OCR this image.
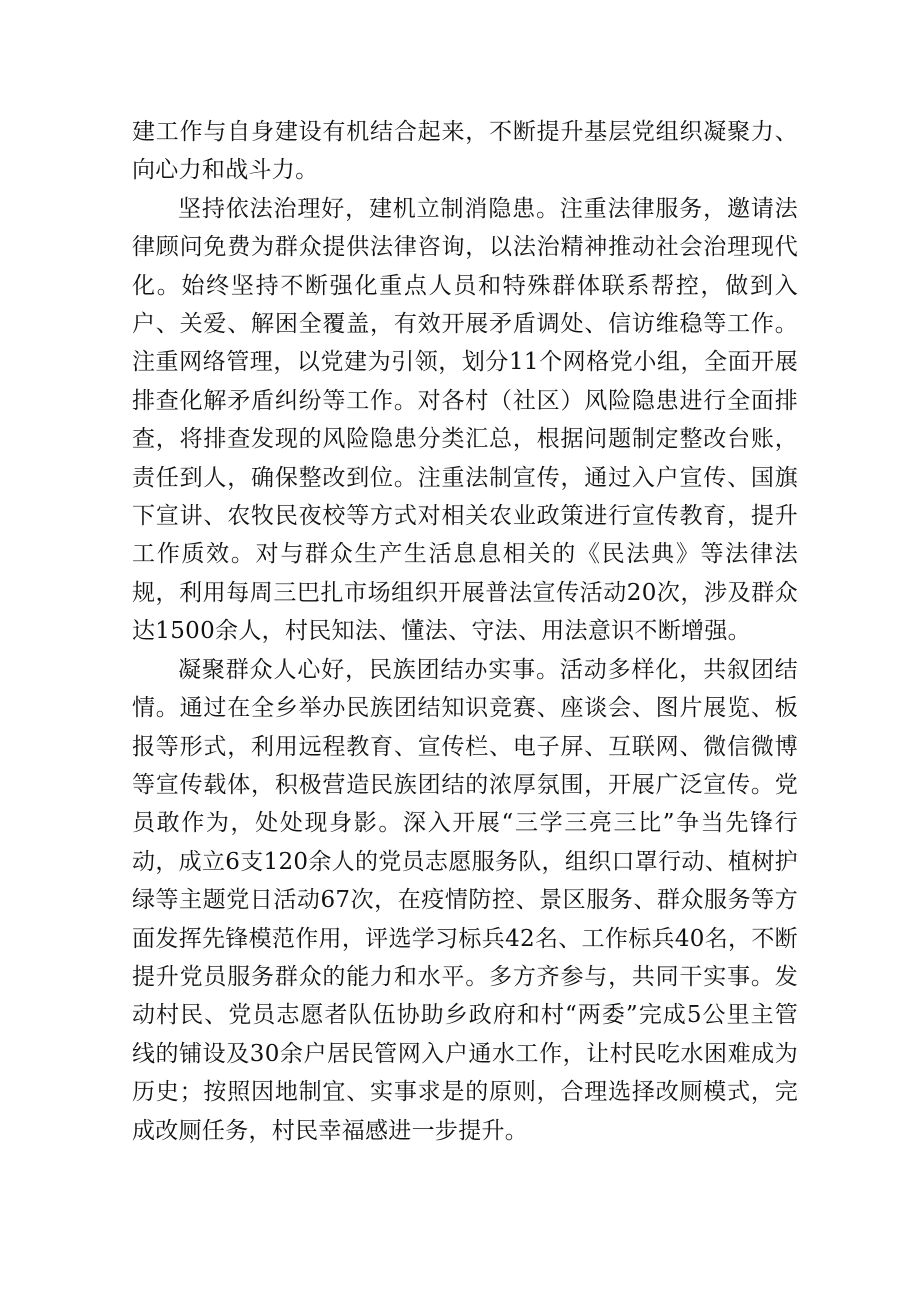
建工作与自身建设有机结合起来，不断提升基层党组织凝聚力、向心力和战斗力。

坚持依法治理好，建机立制消隐患。注重法律服务，邀请法律顾问免费为群众提供法律咨询，以法治精神推动社会治理现代化。始终坚持不断强化重点人员和特殊群体联系帮控，做到入户、关爱、解困全覆盖，有效开展矛盾调处、信访维稳等工作。注重网络管理，以党建为引领，划分11个网格党小组，全面开展排查化解矛盾纠纷等工作。对各村（社区）风险隐患进行全面排查，将排查发现的风险隐患分类汇总，根据问题制定整改台账，责任到人，确保整改到位。注重法制宣传，通过入户宣传、国旗下宣讲、农牧民夜校等方式对相关农业政策进行宣传教育，提升工作质效。对与群众生产生活息息相关的《民法典》等法律法规，利用每周三巴扎市场组织开展普法宣传活动20次，涉及群众达1500余人，村民知法、懂法、守法、用法意识不断增强。

凝聚群众人心好，民族团结办实事。活动多样化，共叙团结情。通过在全乡举办民族团结知识竞赛、座谈会、图片展览、板报等形式，利用远程教育、宣传栏、电子屏、互联网、微信微博等宣传载体，积极营造民族团结的浓厚氛围，开展广泛宣传。党员敢作为，处处现身影。深入开展“三学三亮三比”争当先锋行动，成立6支120余人的党员志愿服务队，组织口罩行动、植树护绿等主题党日活动67次，在疫情防控、景区服务、群众服务等方面发挥先锋模范作用，评选学习标兵42名、工作标兵40名，不断提升党员服务群众的能力和水平。多方齐参与，共同干实事。发动村民、党员志愿者队伍协助乡政府和村“两委”完成5公里主管线的铺设及30余户居民管网入户通水工作，让村民吃水困难成为历史；按照因地制宜、实事求是的原则，合理选择改厕模式，完成改厕任务，村民幸福感进一步提升。
